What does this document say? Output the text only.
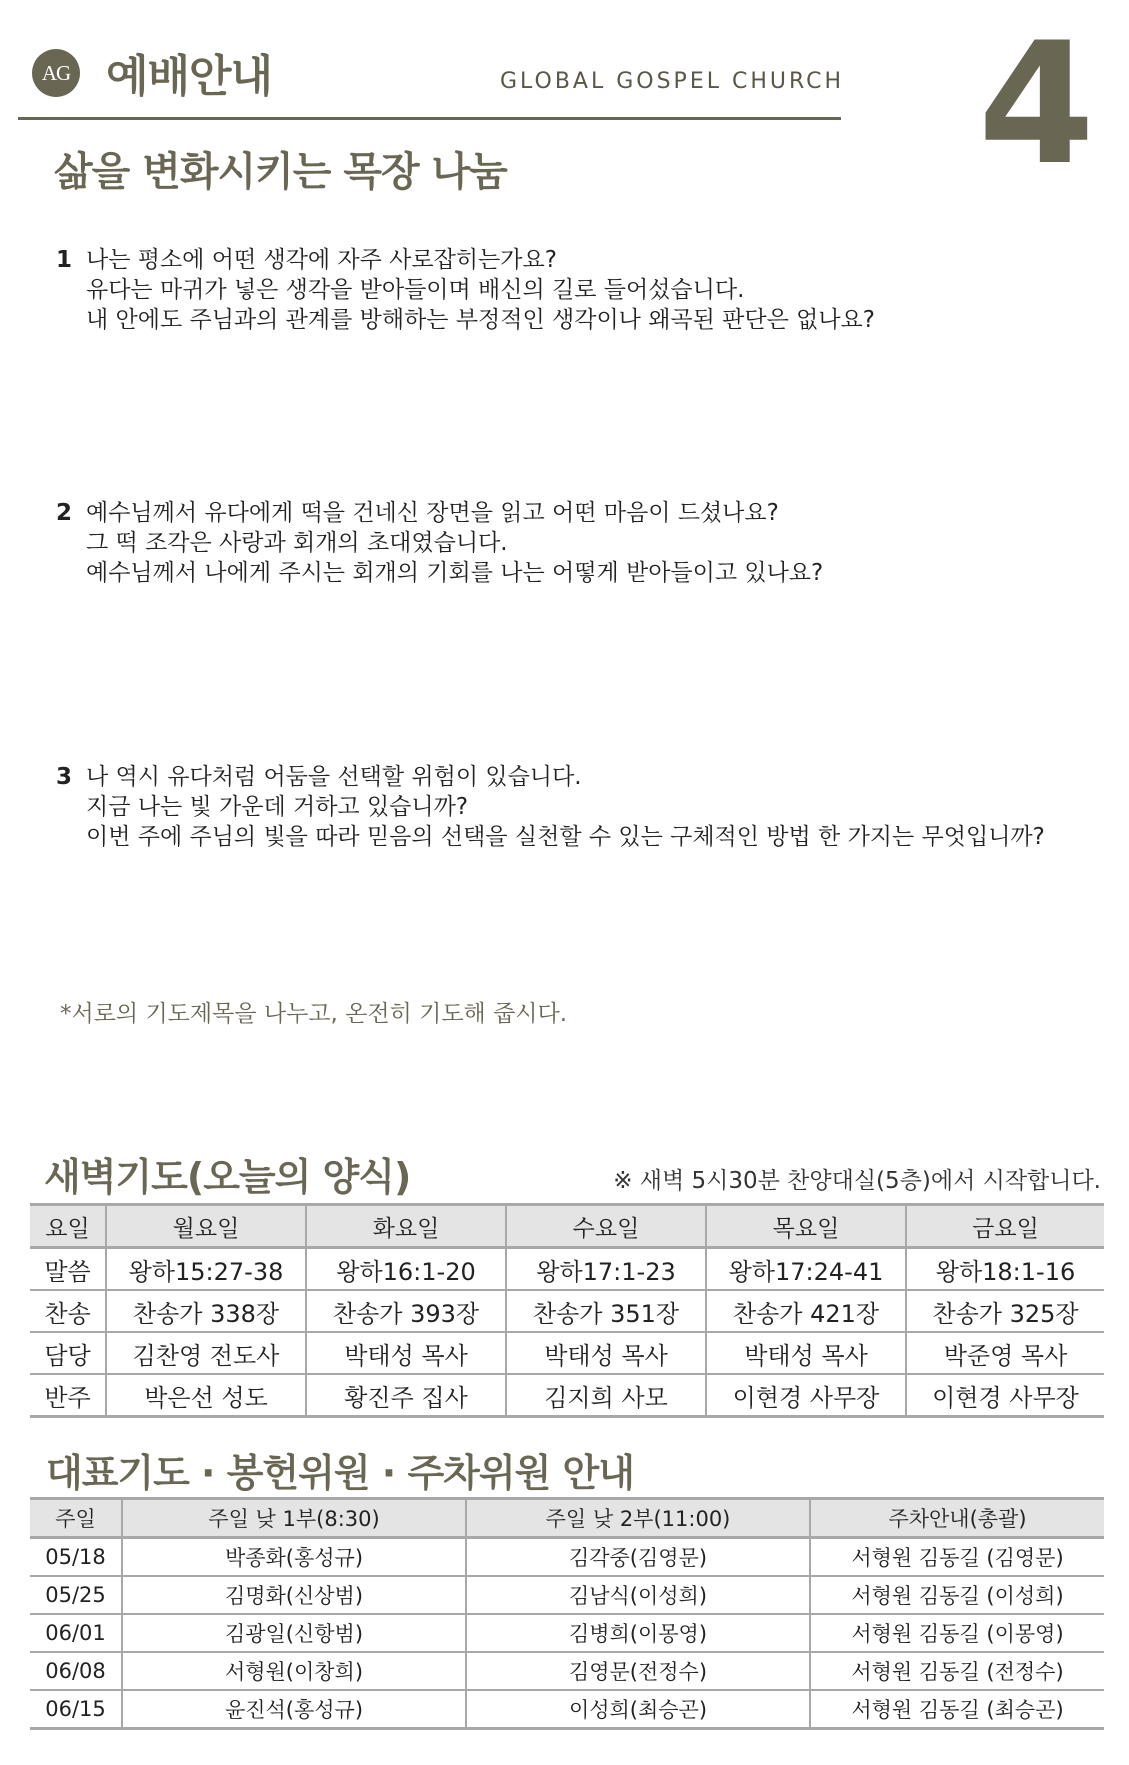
AG 예배안내	GLOBAL GOSPEL CHURCH 4
삶을 변화시키는 목장 나눔
1 나는 평소에 어떤 생각에 자주 사로잡히는가요?
유다는 마귀가 넣은 생각을 받아들이며 배신의 길로 들어섰습니다.
내 안에도 주님과의 관계를 방해하는 부정적인 생각이나 왜곡된 판단은 없나요?
2 예수님께서 유다에게 떡을 건네신 장면을 읽고 어떤 마음이 드셨나요?
그 떡 조각은 사랑과 회개의 초대였습니다.
예수님께서 나에게 주시는 회개의 기회를 나는 어떻게 받아들이고 있나요?
3 나 역시 유다처럼 어둠을 선택할 위험이 있습니다.
지금 나는 빛 가운데 거하고 있습니까?
이번 주에 주님의 빛을 따라 믿음의 선택을 실천할 수 있는 구체적인 방법 한 가지는 무엇입니까?
*서로의 기도제목을 나누고, 온전히 기도해 줍시다.
새벽기도(오늘의 양식)	※ 새벽 5시30분 찬양대실(5층)에서 시작합니다.
요일	월요일	화요일	수요일	목요일	금요일
말씀	왕하15:27-38	왕하16:1-20	왕하17:1-23	왕하17:24-41	왕하18:1-16
찬송	찬송가 338장	찬송가 393장	찬송가 351장	찬송가 421장	찬송가 325장
담당	김찬영 전도사	박태성 목사	박태성 목사	박태성 목사	박준영 목사
반주	박은선 성도	황진주 집사	김지희 사모	이현경 사무장	이현경 사무장
대표기도 · 봉헌위원 · 주차위원 안내
주일	주일 낮 1부(8:30)	주일 낮 2부(11:00)	주차안내(총괄)
05/18	박종화(홍성규)	김각중(김영문)	서형원 김동길 (김영문)
05/25	김명화(신상범)	김남식(이성희)	서형원 김동길 (이성희)
06/01	김광일(신항범)	김병희(이몽영)	서형원 김동길 (이몽영)
06/08	서형원(이창희)	김영문(전정수)	서형원 김동길 (전정수)
06/15	윤진석(홍성규)	이성희(최승곤)	서형원 김동길 (최승곤)
